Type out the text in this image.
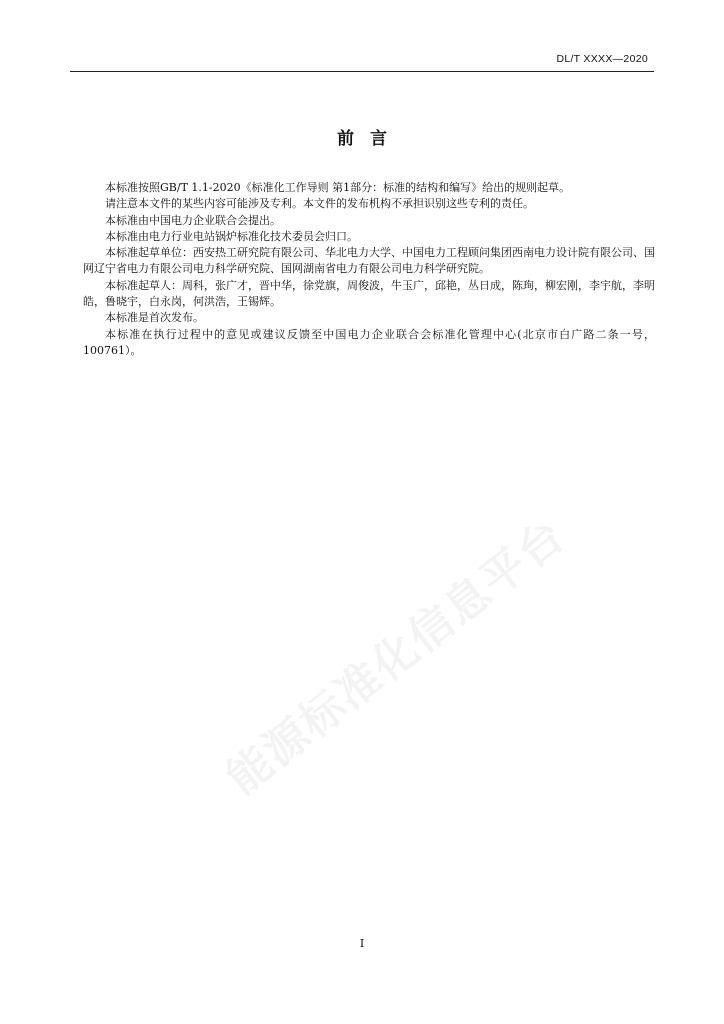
DL/T XXXX—2020
前 言

本标准按照GB/T 1.1-2020《标准化工作导则 第1部分：标准的结构和编写》给出的规则起草。

请注意本文件的某些内容可能涉及专利。本文件的发布机构不承担识别这些专利的责任。

本标准由中国电力企业联合会提出。

本标准由电力行业电站锅炉标准化技术委员会归口。

本标准起草单位：西安热工研究院有限公司、华北电力大学、中国电力工程顾问集团西南电力设计院有限公司、国网辽宁省电力有限公司电力科学研究院、国网湖南省电力有限公司电力科学研究院。

本标准起草人：周科，张广才，晋中华，徐党旗，周俊波，牛玉广，邱艳，丛日成，陈珣，柳宏刚，李宇航，李明皓，鲁晓宇，白永岗，何洪浩，王锡辉。

本标准是首次发布。

本标准在执行过程中的意见或建议反馈至中国电力企业联合会标准化管理中心(北京市白广路二条一号，100761）。

能源标准化信息平台
I
